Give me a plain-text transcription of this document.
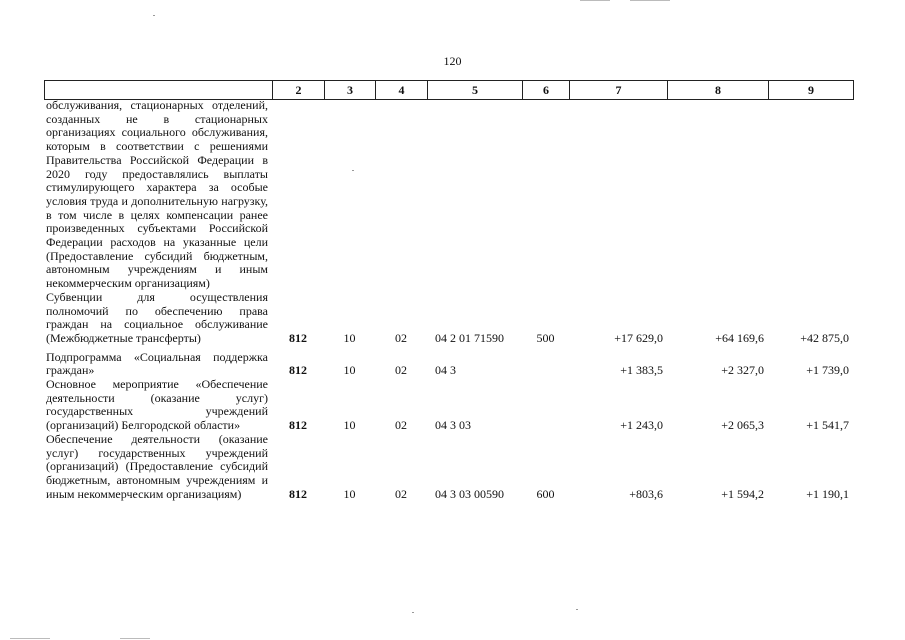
120
	2	3	4	5	6	7	8	9
обслуживания, стационарных отделений, созданных не в стационарных организациях социального обслуживания, которым в соответствии с решениями Правительства Российской Федерации в 2020 году предоставлялись выплаты стимулирующего характера за особые условия труда и дополнительную нагрузку, в том числе в целях компенсации ранее произведенных субъектами Российской Федерации расходов на указанные цели (Предоставление субсидий бюджетным, автономным учреждениям и иным некоммерческим организациям)								
Субвенции для осуществления полномочий по обеспечению права граждан на социальное обслуживание (Межбюджетные трансферты)	812	10	02	04 2 01 71590	500	+17 629,0	+64 169,6	+42 875,0

Подпрограмма «Социальная поддержка граждан»	812	10	02	04 3		+1 383,5	+2 327,0	+1 739,0
Основное мероприятие «Обеспечение деятельности (оказание услуг) государственных учреждений (организаций) Белгородской области»	812	10	02	04 3 03		+1 243,0	+2 065,3	+1 541,7
Обеспечение деятельности (оказание услуг) государственных учреждений (организаций) (Предоставление субсидий бюджетным, автономным учреждениям и иным некоммерческим организациям)	812	10	02	04 3 03 00590	600	+803,6	+1 594,2	+1 190,1
